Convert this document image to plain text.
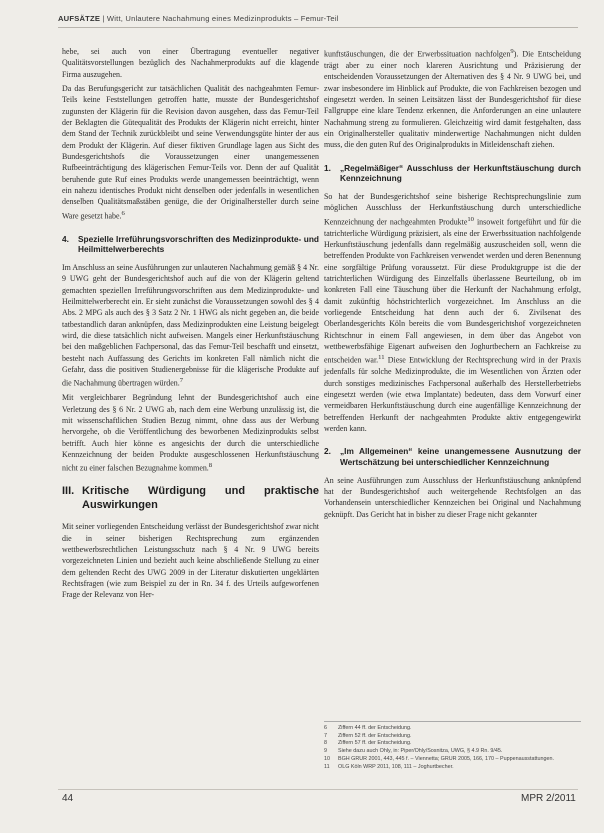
AUFSÄTZE | Witt, Unlautere Nachahmung eines Medizinprodukts – Femur-Teil

hebe, sei auch von einer Übertragung eventueller negativer Qualitätsvorstellungen bezüglich des Nachahmerprodukts auf die klagende Firma auszugehen.

Da das Berufungsgericht zur tatsächlichen Qualität des nachgeahmten Femur-Teils keine Feststellungen getroffen hatte, musste der Bundesgerichtshof zugunsten der Klägerin für die Revision davon ausgehen, dass das Femur-Teil der Beklagten die Gütequalität des Produkts der Klägerin nicht erreicht, hinter dem Stand der Technik zurückbleibt und seine Verwendungsgüte hinter der aus dem Produkt der Klägerin. Auf dieser fiktiven Grundlage lagen aus Sicht des Bundesgerichtshofs die Voraussetzungen einer unangemessenen Rufbeeinträchtigung des klägerischen Femur-Teils vor. Denn der auf Qualität beruhende gute Ruf eines Produkts werde unangemessen beeinträchtigt, wenn ein nahezu identisches Produkt nicht denselben oder jedenfalls in wesentlichen denselben Qualitätsmaßstäben genüge, die der Originalhersteller durch seine Ware gesetzt habe.$^6$

4.	Spezielle Irreführungsvorschriften des Medizinprodukte- und Heilmittelwerberechts

Im Anschluss an seine Ausführungen zur unlauteren Nachahmung gemäß § 4 Nr. 9 UWG geht der Bundesgerichtshof auch auf die von der Klägerin geltend gemachten speziellen Irreführungsvorschriften aus dem Medizinprodukte- und Heilmittelwerberecht ein. Er sieht zunächst die Voraussetzungen sowohl des § 4 Abs. 2 MPG als auch des § 3 Satz 2 Nr. 1 HWG als nicht gegeben an, die beide tatbestandlich daran anknüpfen, dass Medizinprodukten eine Leistung beigelegt wird, die diese tatsächlich nicht aufweisen. Mangels einer Herkunftstäuschung bei den maßgeblichen Fachpersonal, das das Femur-Teil beschafft und einsetzt, besteht nach Auffassung des Gerichts im konkreten Fall nämlich nicht die Gefahr, dass die positiven Studienergebnisse für die klägerische Produkte auf die Nachahmung übertragen würden.$^7$

Mit vergleichbarer Begründung lehnt der Bundesgerichtshof auch eine Verletzung des § 6 Nr. 2 UWG ab, nach dem eine Werbung unzulässig ist, die mit wissenschaftlichen Studien Bezug nimmt, ohne dass aus der Werbung hervorgehe, ob die Veröffentlichung des beworbenen Medizinprodukts selbst betrifft. Auch hier könne es angesichts der durch die unterschiedliche Kennzeichnung der beiden Produkte ausgeschlossenen Herkunftstäuschung nicht zu einer falschen Bezugnahme kommen.$^8$

III. Kritische Würdigung und praktische Auswirkungen

Mit seiner vorliegenden Entscheidung verlässt der Bundesgerichtshof zwar nicht die in seiner bisherigen Rechtsprechung zum ergänzenden wettbewerbsrechtlichen Leistungsschutz nach § 4 Nr. 9 UWG bereits vorgezeichneten Linien und bezieht auch keine abschließende Stellung zu einer dem geltenden Recht des UWG 2009 in der Literatur diskutierten ungeklärten Rechtsfragen (wie zum Beispiel zu der in Rn. 34 f. des Urteils aufgeworfenen Frage der Relevanz von Her-

kunftstäuschungen, die der Erwerbssituation nachfolgen$^9$). Die Entscheidung trägt aber zu einer noch klareren Ausrichtung und Präzisierung der entscheidenden Voraussetzungen der Alternativen des § 4 Nr. 9 UWG bei, und zwar insbesondere im Hinblick auf Produkte, die von Fachkreisen bezogen und eingesetzt werden. In seinen Leitsätzen lässt der Bundesgerichtshof für diese Fallgruppe eine klare Tendenz erkennen, die Anforderungen an eine unlautere Nachahmung streng zu formulieren. Gleichzeitig wird damit festgehalten, dass ein Originalhersteller qualitativ minderwertige Nachahmungen nicht dulden muss, die den guten Ruf des Originalprodukts in Mitleidenschaft ziehen.

1.	„Regelmäßiger“ Ausschluss der Herkunftstäuschung durch Kennzeichnung

So hat der Bundesgerichtshof seine bisherige Rechtsprechungslinie zum möglichen Ausschluss der Herkunftstäuschung durch unterschiedliche Kennzeichnung der nachgeahmten Produkte$^{10}$ insoweit fortgeführt und für die tatrichterliche Würdigung präzisiert, als eine der Erwerbssituation nachfolgende Herkunftstäuschung jedenfalls dann regelmäßig auszuscheiden soll, wenn die betreffenden Produkte von Fachkreisen verwendet werden und deren Benennung eine sorgfältige Prüfung voraussetzt. Für diese Produktgruppe ist die der tatrichterlichen Würdigung des Einzelfalls überlassene Beurteilung, ob im konkreten Fall eine Täuschung über die Herkunft der Nachahmung erfolgt, damit zukünftig höchstrichterlich vorgezeichnet. Im Anschluss an die vorliegende Entscheidung hat denn auch der 6. Zivilsenat des Oberlandesgerichts Köln bereits die vom Bundesgerichtshof vorgezeichneten Richtschnur in einem Fall angewiesen, in dem über das Angebot von wettbewerbsfähige Eigenart aufweisen den Joghurtbechern an Fachkreise zu entscheiden war.$^{11}$ Diese Entwicklung der Rechtsprechung wird in der Praxis jedenfalls für solche Medizinprodukte, die im Wesentlichen von Ärzten oder durch sonstiges medizinisches Fachpersonal außerhalb des Herstellerbetriebs eingesetzt werden (wie etwa Implantate) bedeuten, dass dem Vorwurf einer vermeidbaren Herkunftstäuschung durch eine augenfällige Kennzeichnung der betreffenden Herkunft der nachgeahmten Produkte aktiv entgegengewirkt werden kann.

2.	„Im Allgemeinen“ keine unangemessene Ausnutzung der Wertschätzung bei unterschiedlicher Kennzeichnung

An seine Ausführungen zum Ausschluss der Herkunftstäuschung anknüpfend hat der Bundesgerichtshof auch weitergehende Rechtsfolgen an das Vorhandensein unterschiedlicher Kennzeichen bei Original und Nachahmung geknüpft. Das Gericht hat in bisher zu dieser Frage nicht gekannter

6	Ziffern 44 ff. der Entscheidung.
7	Ziffern 52 ff. der Entscheidung.
8	Ziffern 57 ff. der Entscheidung.
9	Siehe dazu auch Ohly, in: Piper/Ohly/Sosnitza, UWG, § 4.9 Rn. 9/45.
10	BGH GRUR 2001, 443, 445 f. – Viennetta; GRUR 2005, 166, 170 – Puppenausstattungen.
11	OLG Köln WRP 2011, 108, 111 – Joghurtbecher.
44	MPR 2/2011
